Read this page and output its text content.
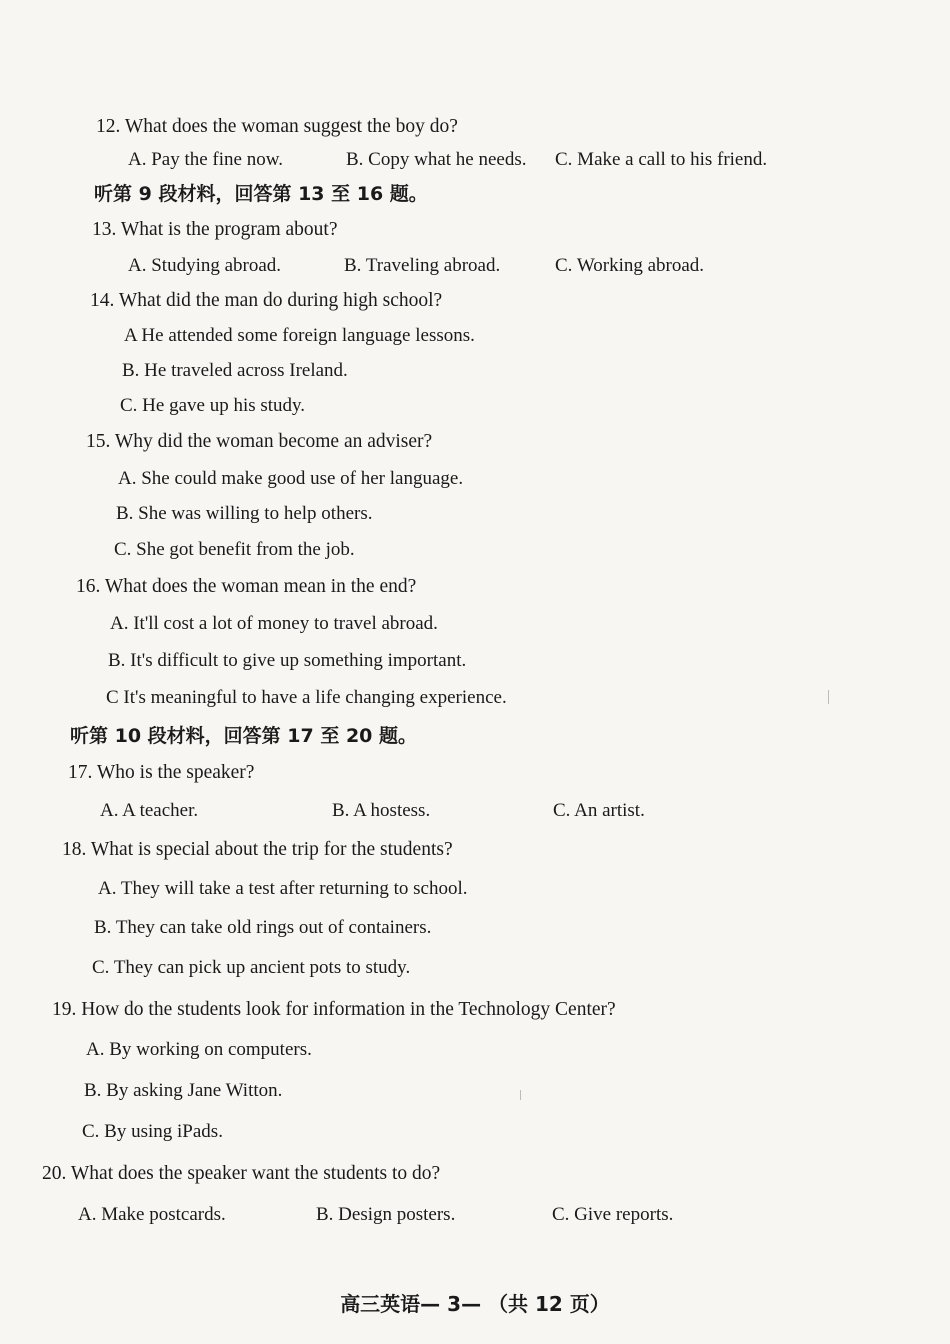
12. What does the woman suggest the boy do?
A. Pay the fine now.	B. Copy what he needs. C. Make a call to his friend.
听第 9 段材料，回答第 13 至 16 题。
13. What is the program about?
A. Studying abroad.	B. Traveling abroad.	C. Working abroad.
14. What did the man do during high school?
A He attended some foreign language lessons.
B. He traveled across Ireland.
C. He gave up his study.
15. Why did the woman become an adviser?
A. She could make good use of her language.
B. She was willing to help others.
C. She got benefit from the job.
16. What does the woman mean in the end?
A. It'll cost a lot of money to travel abroad.
B. It's difficult to give up something important.
C It's meaningful to have a life changing experience.
听第 10 段材料，回答第 17 至 20 题。
17. Who is the speaker?
A. A teacher.	B. A hostess.	C. An artist.
18. What is special about the trip for the students?
A. They will take a test after returning to school.
B. They can take old rings out of containers.
C. They can pick up ancient pots to study.
19. How do the students look for information in the Technology Center?
A. By working on computers.
B. By asking Jane Witton.
C. By using iPads.
20. What does the speaker want the students to do?
A. Make postcards.	B. Design posters.	C. Give reports.
高三英语— 3— （共 12 页）
